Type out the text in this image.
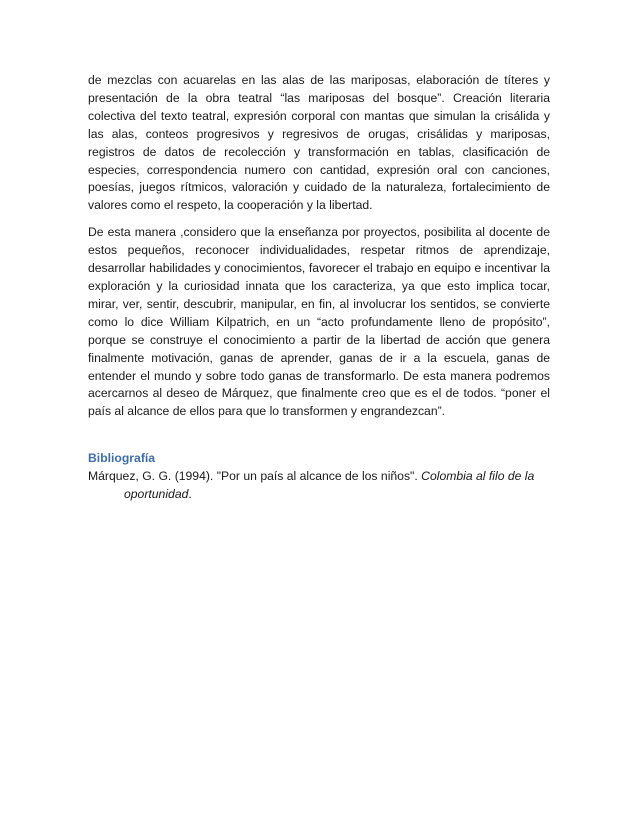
de mezclas con acuarelas en las alas de las mariposas, elaboración de títeres y presentación de la obra teatral “las mariposas del bosque”. Creación literaria colectiva del texto teatral, expresión corporal con mantas que simulan la crisálida y las alas, conteos progresivos y regresivos de orugas, crisálidas y mariposas, registros de datos de recolección y transformación en tablas, clasificación de especies, correspondencia numero con cantidad, expresión oral con canciones, poesías, juegos rítmicos, valoración y cuidado de la naturaleza, fortalecimiento de valores como el respeto, la cooperación y la libertad.

De esta manera ,considero que la enseñanza por proyectos, posibilita al docente de estos pequeños, reconocer individualidades, respetar ritmos de aprendizaje, desarrollar habilidades y conocimientos, favorecer el trabajo en equipo e incentivar la exploración y la curiosidad innata que los caracteriza, ya que esto implica tocar, mirar, ver, sentir, descubrir, manipular, en fin, al involucrar los sentidos, se convierte como lo dice William Kilpatrich, en un “acto profundamente lleno de propósito”, porque se construye el conocimiento a partir de la libertad de acción que genera finalmente motivación, ganas de aprender, ganas de ir a la escuela, ganas de entender el mundo y sobre todo ganas de transformarlo. De esta manera podremos acercarnos al deseo de Márquez, que finalmente creo que es el de todos. “poner el país al alcance de ellos para que lo transformen y engrandezcan”.

Bibliografía

Márquez, G. G. (1994). "Por un país al alcance de los niños". Colombia al filo de la oportunidad.
